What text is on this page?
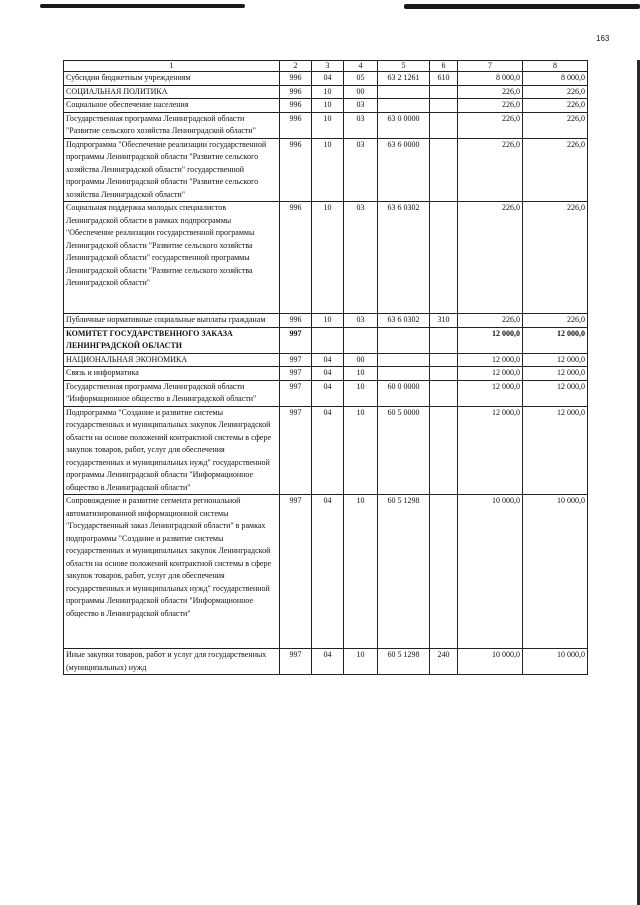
163
1	2	3	4	5	6	7	8
Субсидии бюджетным учреждениям	996	04	05	63 2 1261	610	8 000,0	8 000,0
СОЦИАЛЬНАЯ ПОЛИТИКА	996	10	00			226,0	226,0
Социальное обеспечение населения	996	10	03			226,0	226,0
Государственная программа Ленинградской области "Развитие сельского хозяйства Ленинградской области"	996	10	03	63 0 0000		226,0	226,0
Подпрограмма "Обеспечение реализации государственной программы Ленинградской области "Развитие сельского хозяйства Ленинградской области" государственной программы Ленинградской области "Развитие сельского хозяйства Ленинградской области"	996	10	03	63 6 0000		226,0	226,0
Социальная поддержка молодых специалистов Ленинградской области в рамках подпрограммы "Обеспечение реализации государственной программы Ленинградской области "Развитие сельского хозяйства Ленинградской области" государственной программы Ленинградской области "Развитие сельского хозяйства Ленинградской области"	996	10	03	63 6 0302		226,0	226,0
Публичные нормативные социальные выплаты гражданам	996	10	03	63 6 0302	310	226,0	226,0
КОМИТЕТ ГОСУДАРСТВЕННОГО ЗАКАЗА ЛЕНИНГРАДСКОЙ ОБЛАСТИ	997					12 000,0	12 000,0
НАЦИОНАЛЬНАЯ ЭКОНОМИКА	997	04	00			12 000,0	12 000,0
Связь и информатика	997	04	10			12 000,0	12 000,0
Государственная программа Ленинградской области "Информационное общество в Ленинградской области"	997	04	10	60 0 0000		12 000,0	12 000,0
Подпрограмма "Создание и развитие системы государственных и муниципальных закупок Ленинградской области на основе положений контрактной системы в сфере закупок товаров, работ, услуг для обеспечения государственных и муниципальных нужд" государственной программы Ленинградской области "Информационное общество в Ленинградской области"	997	04	10	60 5 0000		12 000,0	12 000,0
Сопровождение и развитие сегмента региональной автоматизированной информационной системы "Государственный заказ Ленинградской области" в рамках подпрограммы "Создание и развитие системы государственных и муниципальных закупок Ленинградской области на основе положений контрактной системы в сфере закупок товаров, работ, услуг для обеспечения государственных и муниципальных нужд" государственной программы Ленинградской области "Информационное общество в Ленинградской области"	997	04	10	60 5 1298		10 000,0	10 000,0
Иные закупки товаров, работ и услуг для государственных (муниципальных) нужд	997	04	10	60 5 1298	240	10 000,0	10 000,0
